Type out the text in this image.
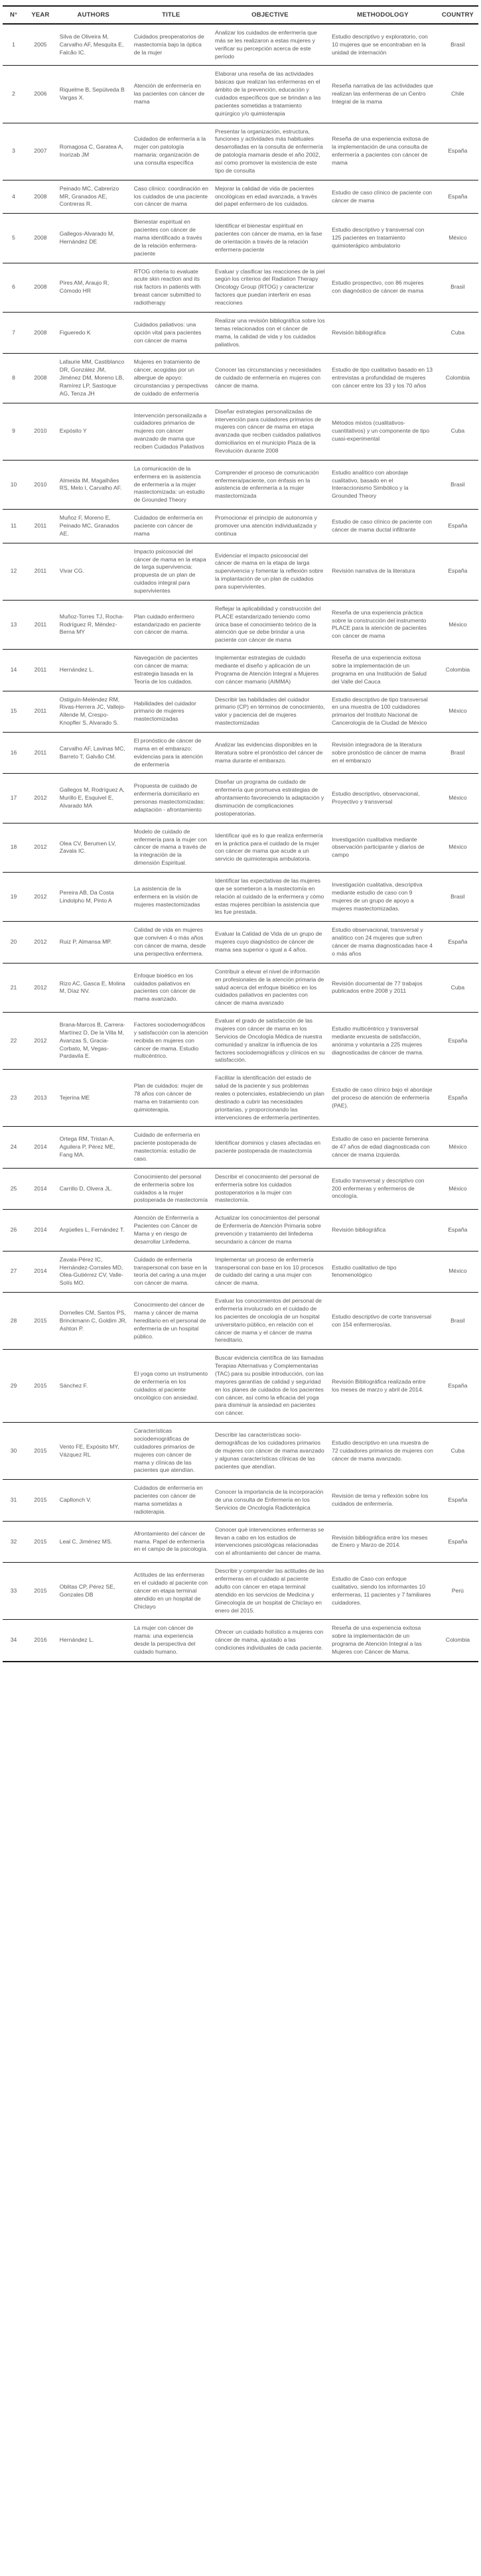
N°	YEAR	AUTHORS	TITLE	OBJECTIVE	METHODOLOGY	COUNTRY
1	2005	Silva de Oliveira M, Carvalho AF, Mesquita E, Falcão IC.	Cuidados preoperatorios de mastectomía bajo la óptica de la mujer	Analizar los cuidados de enfermería que más se les realizaron a estas mujeres y verificar su percepción acerca de este período	Estudio descriptivo y exploratorio, con 10 mujeres que se encontraban en la unidad de internación	Brasil
2	2006	Riquelme B, Sepúlveda B Vargas X.	Atención de enfermería en las pacientes con cáncer de mama	Elaborar una reseña de las actividades básicas que realizan las enfermeras en el ámbito de la prevención, educación y cuidados específicos que se brindan a las pacientes sometidas a tratamiento quirúrgico y/o quimioterapia	Reseña narrativa de las actividades que realizan las enfermeras de un Centro Integral de la mama	Chile
3	2007	Romagosa C, Garatea A, Inorizab JM	Cuidados de enfermería a la mujer con patología mamaria: organización de una consulta específica	Presentar la organización, estructura, funciones y actividades más habituales desarrolladas en la consulta de enfermería de patología mamaria desde el año 2002, así como promover la existencia de este tipo de consulta	Reseña de una experiencia exitosa de la implementación de una consulta de enfermería a pacientes con cáncer de mama	España
4	2008	Peinado MC, Cabrerizo MR, Granados AE, Contreras R.	Caso clínico: coordinación en los cuidados de una paciente con cáncer de mama	Mejorar la calidad de vida de pacientes oncológicas en edad avanzada, a través del papel enfermero de los cuidados.	Estudio de caso clínico de paciente con cáncer de mama	España
5	2008	Gallegos-Alvarado M, Hernández DE	Bienestar espiritual en pacientes con cáncer de mama identificado a través de la relación enfermera-paciente	Identificar el bienestar espiritual en pacientes con cáncer de mama, en la fase de orientación a través de la relación enfermera-paciente	Estudio descriptivo y transversal con 125 pacientes en tratamiento quimioterápico ambulatorio	México
6	2008	Pires AM, Araujo R, Cómodo HR	RTOG criteria to evaluate acute skin reaction and its risk factors in patients with breast cancer submitted to radiotherapy	Evaluar y clasificar las reacciones de la piel según los criterios del Radiation Therapy Oncology Group (RTOG) y caracterizar factores que puedan interferir en esas reacciones	Estudio prospectivo, con 86 mujeres con diagnóstico de cáncer de mama	Brasil
7	2008	Figueredo K	Cuidados paliativos: una opción vital para pacientes con cáncer de mama	Realizar una revisión bibliográfica sobre los temas relacionados con el cáncer de mama, la calidad de vida y los cuidados paliativos.	Revisión bibliográfica	Cuba
8	2008	Lafaurie MM, Castiblanco DR, González JM, Jiménez DM, Moreno LB, Ramírez LP, Sastoque AG, Tenza JH	Mujeres en tratamiento de cáncer, acogidas por un albergue de apoyo: circunstancias y perspectivas de cuidado de enfermería	Conocer las circunstancias y necesidades de cuidado de enfermería en mujeres con cáncer de mama.	Estudio de tipo cualitativo basado en 13 entrevistas a profundidad de mujeres con cáncer entre los 33 y los 70 años	Colombia
9	2010	Expósito Y	Intervención personalizada a cuidadores primarios de mujeres con cáncer avanzado de mama que reciben Cuidados Paliativos	Diseñar estrategias personalizadas de intervención para cuidadores primarios de mujeres con cáncer de mama en etapa avanzada que reciben cuidados paliativos domiciliarios en el municipio Plaza de la Revolución durante 2008	Métodos mixtos (cualitativos-cuantitativos) y un componente de tipo cuasi-experimental	Cuba
10	2010	Almeida IM, Magalhães RS, Melo I, Carvalho AF.	La comunicación de la enfermera en la asistencia de enfermería a la mujer mastectomizada: un estudio de Grounded Theory	Comprender el proceso de comunicación enfermera/paciente, con énfasis en la asistencia de enfermería a la mujer mastectomizada	Estudio analítico con abordaje cualitativo, basado en el Interaccionismo Simbólico y la Grounded Theory	Brasil
11	2011	Muñoz F, Moreno E, Peinado MC, Granados AE.	Cuidados de enfermería en paciente con cáncer de mama	Promocionar el principio de autonomía y promover una atención individualizada y continua	Estudio de caso clínico de paciente con cáncer de mama ductal infiltrante	España
12	2011	Vivar CG.	Impacto psicosocial del cáncer de mama en la etapa de larga supervivencia: propuesta de un plan de cuidados integral para supervivientes	Evidenciar el impacto psicosocial del cáncer de mama en la etapa de larga supervivencia y fomentar la reflexión sobre la implantación de un plan de cuidados para supervivientes.	Revisión narrativa de la literatura	España
13	2011	Muñoz-Torres TJ, Rocha-Rodríguez R, Méndez-Berna MY	Plan cuidado enfermero estandarizado en paciente con cáncer de mama.	Reflejar la aplicabilidad y construcción del PLACE estandarizado teniendo como única base el conocimiento teórico de la atención que se debe brindar a una paciente con cáncer de mama	Reseña de una experiencia práctica sobre la construcción del instrumento PLACE para la atención de pacientes con cáncer de mama	México
14	2011	Hernández L.	Navegación de pacientes con cáncer de mama: estrategia basada en la Teoría de los cuidados.	Implementar estrategias de cuidado mediante el diseño y aplicación de un Programa de Atención Integral a Mujeres con cáncer mamario (AIMMA)	Reseña de una experiencia exitosa sobre la implementación de un programa en una Institución de Salud del Valle del Cauca	Colombia
15	2011	Ostiguín-Meléndez RM, Rivas-Herrera JC, Vallejo-Allende M, Crespo-Knopfler S, Alvarado S.	Habilidades del cuidador primario de mujeres mastectomizadas	Describir las habilidades del cuidador primario (CP) en términos de conocimiento, valor y paciencia del de mujeres mastectomizadas	Estudio descriptivo de tipo transversal en una muestra de 100 cuidadores primarios del Instituto Nacional de Cancerología de la Ciudad de México	México
16	2011	Carvalho AF, Lavinas MC, Barreto T, Galvão CM.	El pronóstico de cáncer de mama en el embarazo: evidencias para la atención de enfermería	Analizar las evidencias disponibles en la literatura sobre el pronóstico del cáncer de mama durante el embarazo.	Revisión integradora de la literatura sobre pronóstico de cáncer de mama en el embarazo	Brasil
17	2012	Gallegos M, Rodríguez A, Murillo E, Esquivel E, Alvarado MA	Propuesta de cuidado de enfermería domiciliario en personas mastectomizadas: adaptación - afrontamiento	Diseñar un programa de cuidado de enfermería que promueva estrategias de afrontamiento favoreciendo la adaptación y disminución de complicaciones postoperatorias.	Estudio descriptivo, observacional, Proyectivo y transversal	México
18	2012	Olea CV, Berumen LV, Zavala IC.	Modelo de cuidado de enfermería para la mujer con cáncer de mama a través de la integración de la dimensión Espiritual.	Identificar qué es lo que realiza enfermería en la práctica para el cuidado de la mujer con cáncer de mama que acude a un servicio de quimioterapia ambulatoria.	Investigación cualitativa mediante observación participante y diarios de campo	México
19	2012	Pereira AB, Da Costa Lindolpho M, Pinto A	La asistencia de la enfermera en la visión de mujeres mastectomizadas	Identificar las expectativas de las mujeres que se sometieron a la mastectomía en relación al cuidado de la enfermera y cómo estas mujeres percibían la asistencia que les fue prestada.	Investigación cualitativa, descriptiva mediante estudio de caso con 9 mujeres de un grupo de apoyo a mujeres mastectomizadas.	Brasil
20	2012	Ruiz P, Almansa MP.	Calidad de vida en mujeres que conviven 4 o más años con cáncer de mama, desde una perspectiva enfermera.	Evaluar la Calidad de Vida de un grupo de mujeres cuyo diagnóstico de cáncer de mama sea superior o igual a 4 años.	Estudio observacional, transversal y analítico con 24 mujeres que sufren cáncer de mama diagnosticadas hace 4 o más años	España
21	2012	Rizo AC, Gasca E, Molina M, Díaz NV.	Enfoque bioético en los cuidados paliativos en pacientes con cáncer de mama avanzado.	Contribuir a elevar el nivel de información en profesionales de la atención primaria de salud acerca del enfoque bioético en los cuidados paliativos en pacientes con cáncer de mama avanzado	Revisión documental de 77 trabajos publicados entre 2008 y 2011	Cuba
22	2012	Brana-Marcos B, Carrera-Martínez D, De la Villa M, Avanzas S, Gracia-Corbato, M, Vegas-Pardavila E.	Factores sociodemográficos y satisfacción con la atención recibida en mujeres con cáncer de mama. Estudio multicéntrico.	Evaluar el grado de satisfacción de las mujeres con cáncer de mama en los Servicios de Oncología Médica de nuestra comunidad y analizar la influencia de los factores sociodemográficos y clínicos en su satisfacción.	Estudio multicéntrico y transversal mediante encuesta de satisfacción, anónima y voluntaria a 225 mujeres diagnosticadas de cáncer de mama.	España
23	2013	Tejerina ME	Plan de cuidados: mujer de 78 años con cáncer de mama en tratamiento con quimioterapia.	Facilitar la identificación del estado de salud de la paciente y sus problemas reales o potenciales, estableciendo un plan destinado a cubrir las necesidades prioritarias, y proporcionando las intervenciones de enfermería pertinentes.	Estudio de caso clínico bajo el abordaje del proceso de atención de enfermería (PAE).	España
24	2014	Ortega RM, Tristan A, Aguilera P, Pérez ME, Fang MA.	Cuidado de enfermería en paciente postoperada de mastectomía: estudio de caso.	Identificar dominios y clases afectadas en paciente postoperada de mastectomía	Estudio de caso en paciente femenina de 47 años de edad diagnosticada con cáncer de mama izquierda.	México
25	2014	Carrillo D, Olvera JL.	Conocimiento del personal de enfermería sobre los cuidados a la mujer postoperada de mastectomía	Describir el conocimiento del personal de enfermería sobre los cuidados postoperatorios a la mujer con mastectomía.	Estudio transversal y descriptivo con 200 enfermeras y enfermeros de oncología.	México
26	2014	Argüelles L, Fernández T.	Atención de Enfermería a Pacientes con Cáncer de Mama y en riesgo de desarrollar Linfedema.	Actualizar los conocimientos del personal de Enfermería de Atención Primaria sobre prevención y tratamiento del linfedema secundario a cáncer de mama	Revisión bibliográfica	España
27	2014	Zavala-Pérez IC, Hernández-Corrales MD, Olea-Gutiérrez CV, Valle-Solís MO.	Cuidado de enfermería transpersonal con base en la teoría del caring a una mujer con cáncer de mama.	Implementar un proceso de enfermería transpersonal con base en los 10 procesos de cuidado del caring a una mujer con cáncer de mama.	Estudio cualitativo de tipo fenomenológico	México
28	2015	Dornelles CM, Santos PS, Brinckmann C, Goldim JR, Ashton P.	Conocimiento del cáncer de mama y cáncer de mama hereditario en el personal de enfermería de un hospital público.	Evaluar los conocimientos del personal de enfermería involucrado en el cuidado de los pacientes de oncología de un hospital universitario público, en relación con el cáncer de mama y el cáncer de mama hereditario.	Estudio descriptivo de corte transversal con 154 enfermeros/as.	Brasil
29	2015	Sánchez F.	El yoga como un instrumento de enfermería en los cuidados al paciente oncológico con ansiedad.	Buscar evidencia científica de las llamadas Terapias Alternativas y Complementarias (TAC) para su posible introducción, con las mayores garantías de calidad y seguridad en los planes de cuidados de los pacientes con cáncer, así como la eficacia del yoga para disminuir la ansiedad en pacientes con cáncer.	Revisión Bibliográfica realizada entre los meses de marzo y abril de 2014.	España
30	2015	Vento FE, Expósito MY, Vázquez RL	Características sociodemográficas de cuidadores primarios de mujeres con cáncer de mama y clínicas de las pacientes que atendían.	Describir las características socio-demográficas de los cuidadores primarios de mujeres con cáncer de mama avanzado y algunas características clínicas de las pacientes que atendían.	Estudio descriptivo en una muestra de 72 cuidadores primarios de mujeres con cáncer de mama avanzado.	Cuba
31	2015	Capllonch V.	Cuidados de enfermería en pacientes con cáncer de mama sometidas a radioterapia.	Conocer la importancia de la incorporación de una consulta de Enfermería en los Servicios de Oncología Radioterápica	Revisión de tema y reflexión sobre los cuidados de enfermería.	España
32	2015	Leal C, Jiménez MS.	Afrontamiento del cáncer de mama. Papel de enfermería en el campo de la psicología.	Conocer qué intervenciones enfermeras se llevan a cabo en los estudios de intervenciones psicológicas relacionadas con el afrontamiento del cáncer de mama.	Revisión bibliográfica entre los meses de Enero y Marzo de 2014.	España
33	2015	Oblitas CP, Pérez SE, Gonzales DB	Actitudes de las enfermeras en el cuidado al paciente con cáncer en etapa terminal atendido en un hospital de Chiclayo	Describir y comprender las actitudes de las enfermeras en el cuidado al paciente adulto con cáncer en etapa terminal atendido en los servicios de Medicina y Ginecología de un hospital de Chiclayo en enero del 2015.	Estudio de Caso con enfoque cualitativo, siendo los informantes 10 enfermeras, 11 pacientes y 7 familiares cuidadores.	Perú
34	2016	Hernández L.	La mujer con cáncer de mama: una experiencia desde la perspectiva del cuidado humano.	Ofrecer un cuidado holístico a mujeres con cáncer de mama, ajustado a las condiciones individuales de cada paciente.	Reseña de una experiencia exitosa sobre la implementación de un programa de Atención Integral a las Mujeres con Cáncer de Mama.	Colombia
